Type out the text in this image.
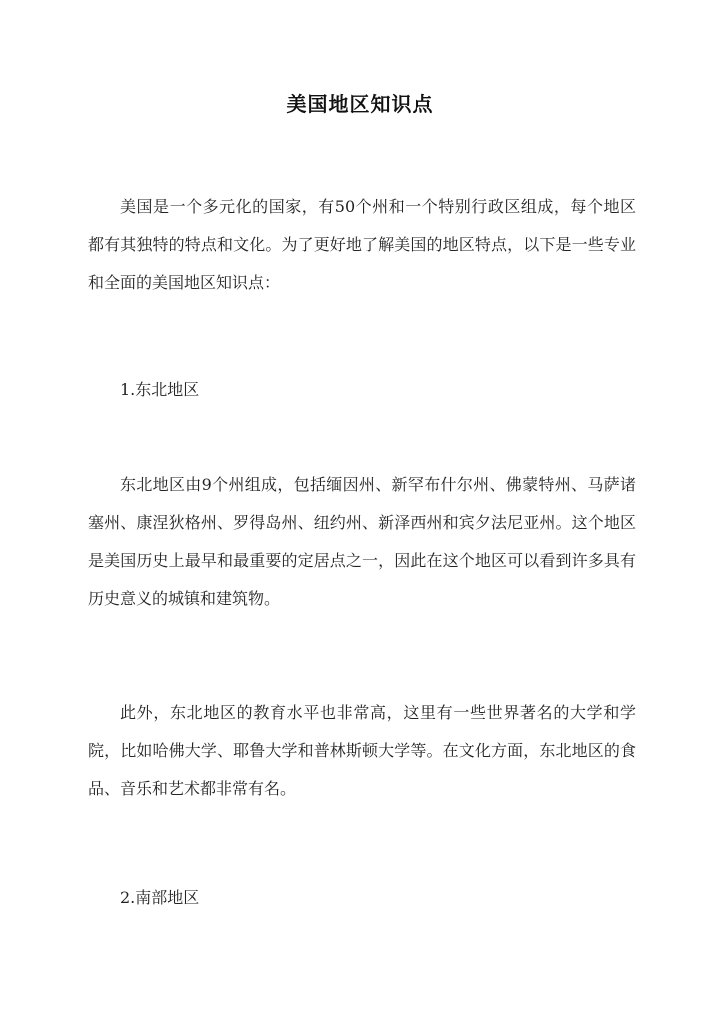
美国地区知识点

美国是一个多元化的国家，有50个州和一个特别行政区组成，每个地区都有其独特的特点和文化。为了更好地了解美国的地区特点，以下是一些专业和全面的美国地区知识点：

1.东北地区

东北地区由9个州组成，包括缅因州、新罕布什尔州、佛蒙特州、马萨诸塞州、康涅狄格州、罗得岛州、纽约州、新泽西州和宾夕法尼亚州。这个地区是美国历史上最早和最重要的定居点之一，因此在这个地区可以看到许多具有历史意义的城镇和建筑物。

此外，东北地区的教育水平也非常高，这里有一些世界著名的大学和学院，比如哈佛大学、耶鲁大学和普林斯顿大学等。在文化方面，东北地区的食品、音乐和艺术都非常有名。

2.南部地区
